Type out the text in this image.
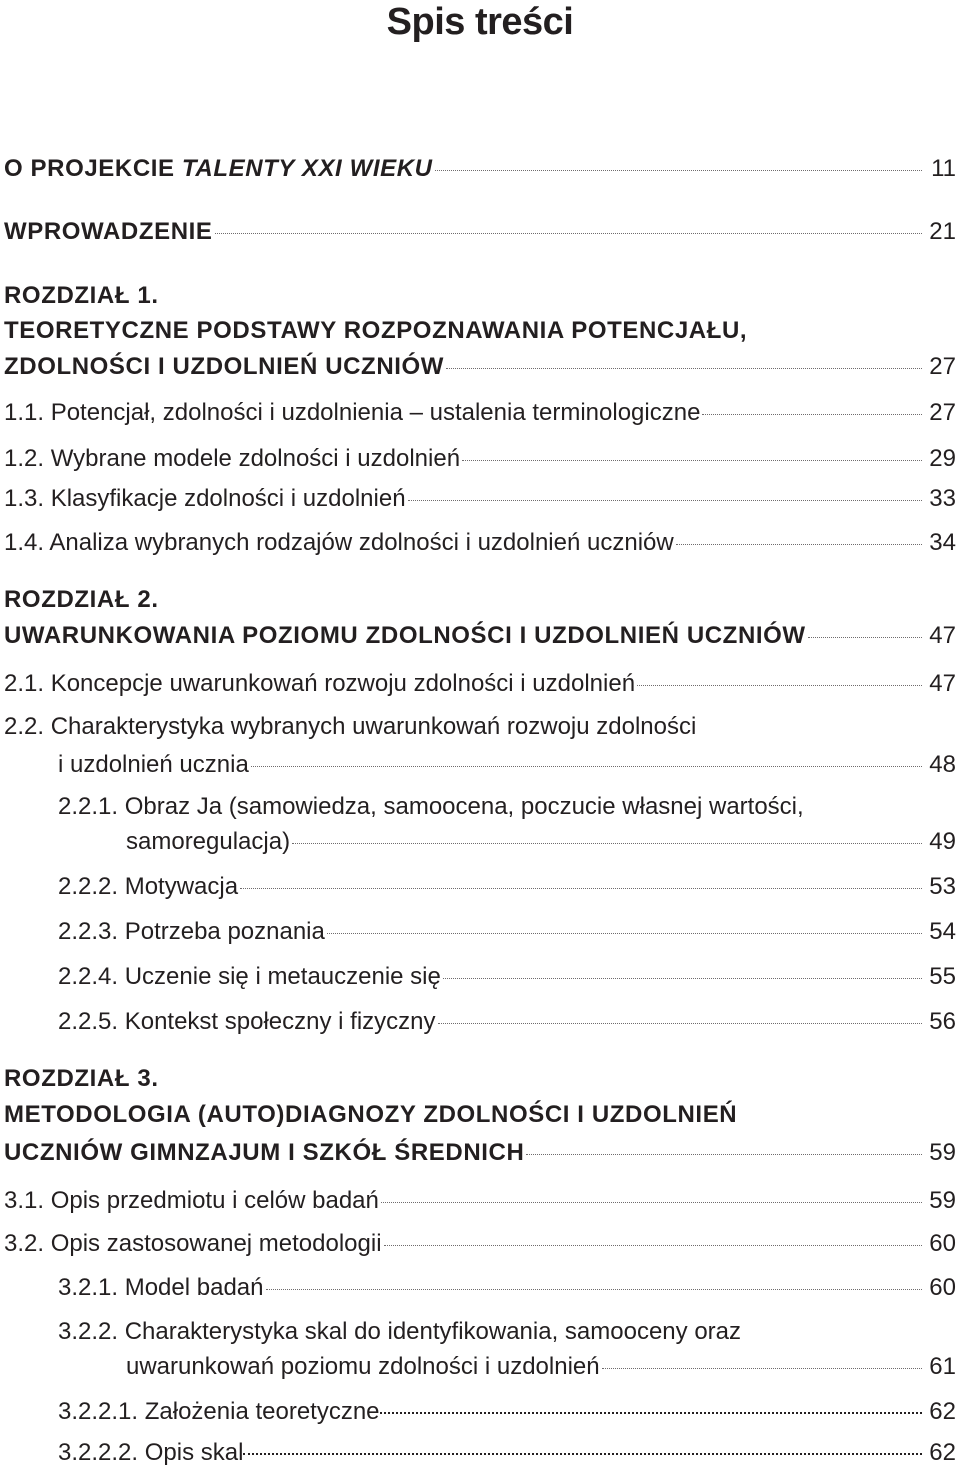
Spis treści
O PROJEKCIE TALENTY XXI WIEKU	11
WPROWADZENIE	21
ROZDZIAŁ 1.
TEORETYCZNE PODSTAWY ROZPOZNAWANIA POTENCJAŁU,
ZDOLNOŚCI I UZDOLNIEŃ UCZNIÓW	27
1.1. Potencjał, zdolności i uzdolnienia – ustalenia terminologiczne	27
1.2. Wybrane modele zdolności i uzdolnień	29
1.3. Klasyfikacje zdolności i uzdolnień	33
1.4. Analiza wybranych rodzajów zdolności i uzdolnień uczniów	34
ROZDZIAŁ 2.
UWARUNKOWANIA POZIOMU ZDOLNOŚCI I UZDOLNIEŃ UCZNIÓW	47
2.1. Koncepcje uwarunkowań rozwoju zdolności i uzdolnień	47
2.2. Charakterystyka wybranych uwarunkowań rozwoju zdolności
i uzdolnień ucznia	48
2.2.1. Obraz Ja (samowiedza, samoocena, poczucie własnej wartości,
samoregulacja)	49
2.2.2. Motywacja	53
2.2.3. Potrzeba poznania	54
2.2.4. Uczenie się i metauczenie się	55
2.2.5. Kontekst społeczny i fizyczny	56
ROZDZIAŁ 3.
METODOLOGIA (AUTO)DIAGNOZY ZDOLNOŚCI I UZDOLNIEŃ
UCZNIÓW GIMNZAJUM I SZKÓŁ ŚREDNICH	59
3.1. Opis przedmiotu i celów badań	59
3.2. Opis zastosowanej metodologii	60
3.2.1. Model badań	60
3.2.2. Charakterystyka skal do identyfikowania, samooceny oraz
uwarunkowań poziomu zdolności i uzdolnień	61
3.2.2.1. Założenia teoretyczne	62
3.2.2.2. Opis skal	62
